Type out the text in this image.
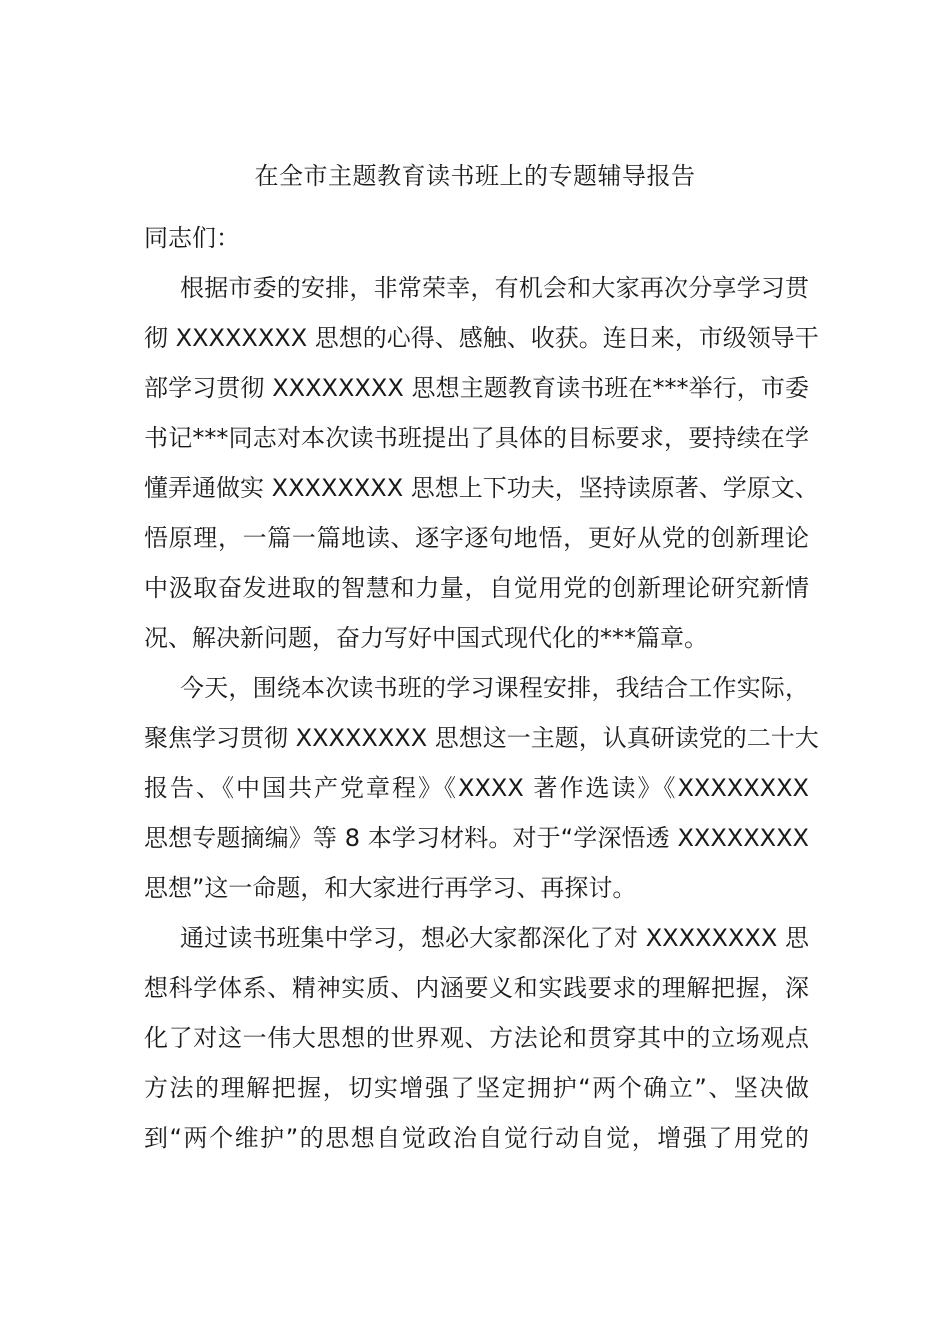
在全市主题教育读书班上的专题辅导报告

同志们：

根据市委的安排，非常荣幸，有机会和大家再次分享学习贯
彻 XXXXXXXX 思想的心得、感触、收获。连日来，市级领导干
部学习贯彻 XXXXXXXX 思想主题教育读书班在***举行，市委
书记***同志对本次读书班提出了具体的目标要求，要持续在学
懂弄通做实 XXXXXXXX 思想上下功夫，坚持读原著、学原文、
悟原理，一篇一篇地读、逐字逐句地悟，更好从党的创新理论
中汲取奋发进取的智慧和力量，自觉用党的创新理论研究新情
况、解决新问题，奋力写好中国式现代化的***篇章。

今天，围绕本次读书班的学习课程安排，我结合工作实际，
聚焦学习贯彻 XXXXXXXX 思想这一主题，认真研读党的二十大
报告、《中国共产党章程》《XXXX 著作选读》《XXXXXXXX
思想专题摘编》等 8 本学习材料。对于“学深悟透 XXXXXXXX
思想”这一命题，和大家进行再学习、再探讨。

通过读书班集中学习，想必大家都深化了对 XXXXXXXX 思
想科学体系、精神实质、内涵要义和实践要求的理解把握，深
化了对这一伟大思想的世界观、方法论和贯穿其中的立场观点
方法的理解把握，切实增强了坚定拥护“两个确立”、坚决做
到“两个维护”的思想自觉政治自觉行动自觉，增强了用党的
